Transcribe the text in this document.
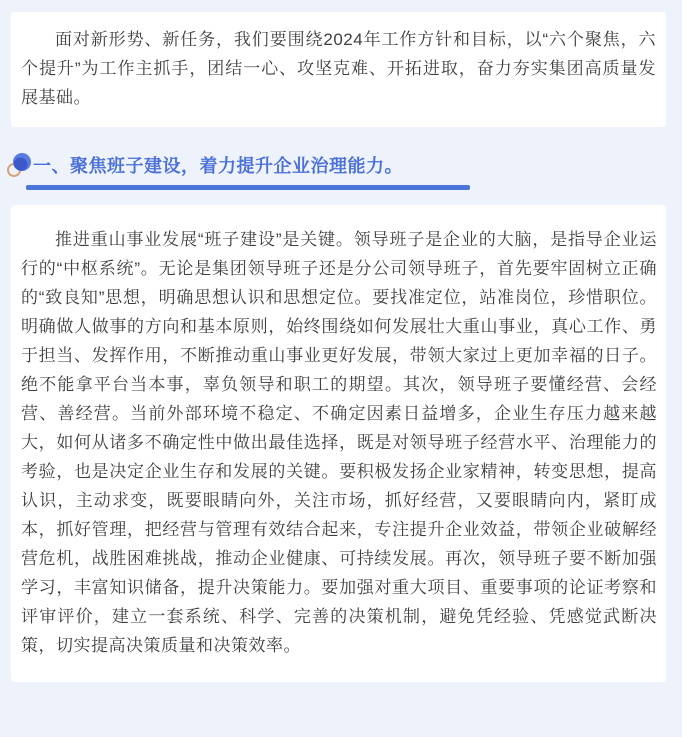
面对新形势、新任务，我们要围绕2024年工作方针和目标，以“六个聚焦，六个提升”为工作主抓手，团结一心、攻坚克难、开拓进取，奋力夯实集团高质量发展基础。

一、聚焦班子建设，着力提升企业治理能力。

推进重山事业发展“班子建设”是关键。领导班子是企业的大脑，是指导企业运行的“中枢系统”。无论是集团领导班子还是分公司领导班子，首先要牢固树立正确的“致良知”思想，明确思想认识和思想定位。要找准定位，站准岗位，珍惜职位。明确做人做事的方向和基本原则，始终围绕如何发展壮大重山事业，真心工作、勇于担当、发挥作用，不断推动重山事业更好发展，带领大家过上更加幸福的日子。绝不能拿平台当本事，辜负领导和职工的期望。其次，领导班子要懂经营、会经营、善经营。当前外部环境不稳定、不确定因素日益增多，企业生存压力越来越大，如何从诸多不确定性中做出最佳选择，既是对领导班子经营水平、治理能力的考验，也是决定企业生存和发展的关键。要积极发扬企业家精神，转变思想，提高认识，主动求变，既要眼睛向外，关注市场，抓好经营，又要眼睛向内，紧盯成本，抓好管理，把经营与管理有效结合起来，专注提升企业效益，带领企业破解经营危机，战胜困难挑战，推动企业健康、可持续发展。再次，领导班子要不断加强学习，丰富知识储备，提升决策能力。要加强对重大项目、重要事项的论证考察和评审评价，建立一套系统、科学、完善的决策机制，避免凭经验、凭感觉武断决策，切实提高决策质量和决策效率。
